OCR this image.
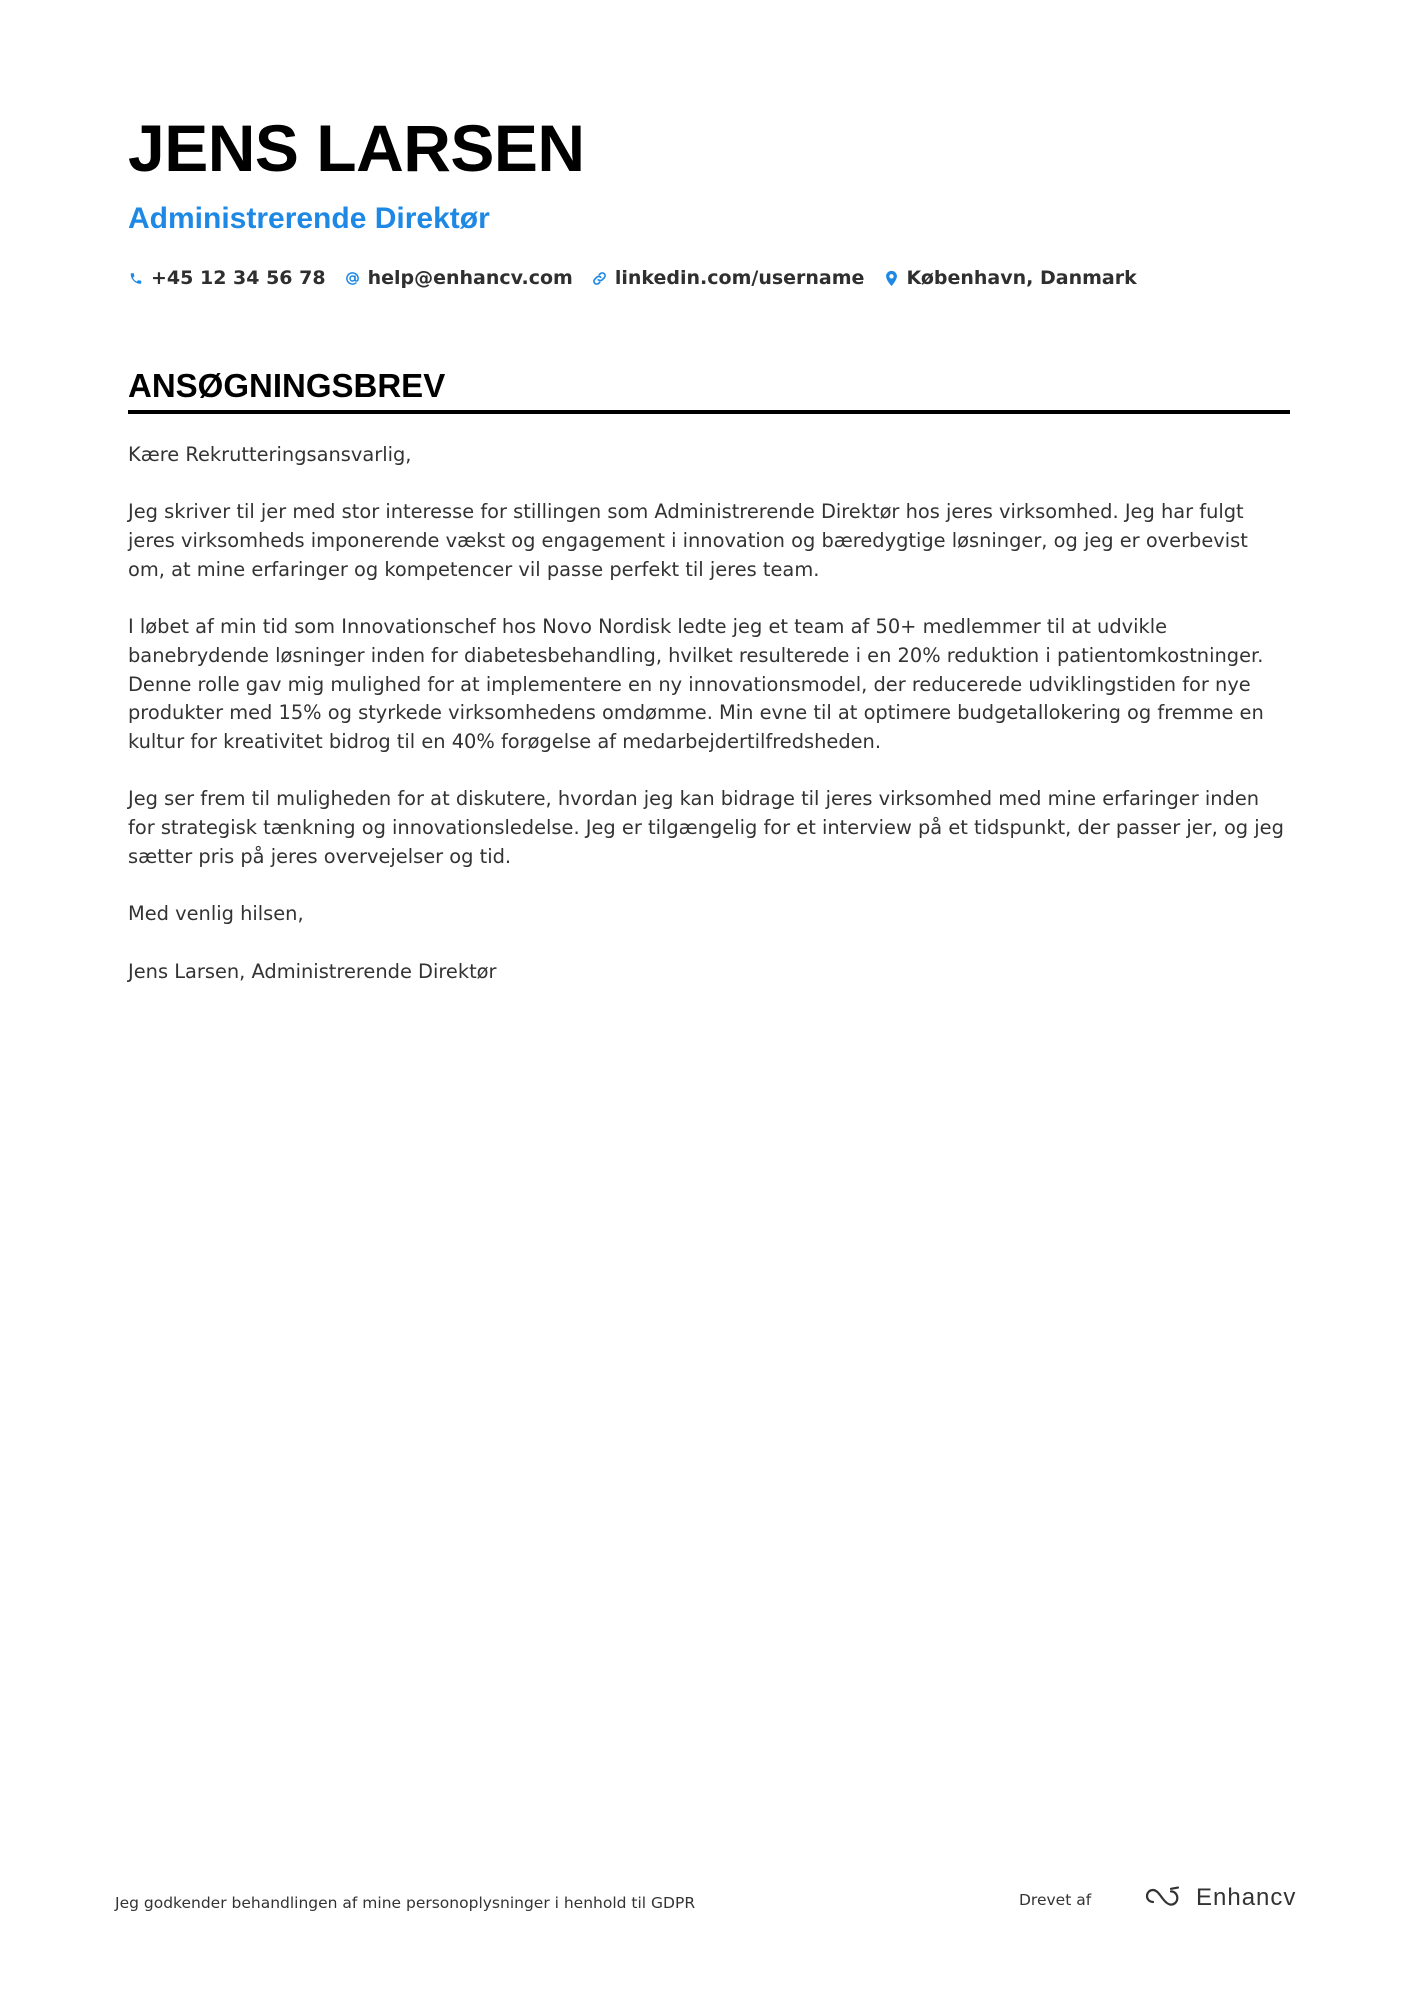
JENS LARSEN
Administrerende Direktør
+45 12 34 56 78 help@enhancv.com linkedin.com/username København, Danmark
ANSØGNINGSBREV

Kære Rekrutteringsansvarlig,

Jeg skriver til jer med stor interesse for stillingen som Administrerende Direktør hos jeres virksomhed. Jeg har fulgt jeres virksomheds imponerende vækst og engagement i innovation og bæredygtige løsninger, og jeg er overbevist om, at mine erfaringer og kompetencer vil passe perfekt til jeres team.

I løbet af min tid som Innovationschef hos Novo Nordisk ledte jeg et team af 50+ medlemmer til at udvikle banebrydende løsninger inden for diabetesbehandling, hvilket resulterede i en 20% reduktion i patientomkostninger. Denne rolle gav mig mulighed for at implementere en ny innovationsmodel, der reducerede udviklingstiden for nye produkter med 15% og styrkede virksomhedens omdømme. Min evne til at optimere budgetallokering og fremme en kultur for kreativitet bidrog til en 40% forøgelse af medarbejdertilfredsheden.

Jeg ser frem til muligheden for at diskutere, hvordan jeg kan bidrage til jeres virksomhed med mine erfaringer inden for strategisk tænkning og innovationsledelse. Jeg er tilgængelig for et interview på et tidspunkt, der passer jer, og jeg sætter pris på jeres overvejelser og tid.

Med venlig hilsen,

Jens Larsen, Administrerende Direktør

Jeg godkender behandlingen af mine personoplysninger i henhold til GDPR	Drevet af	Enhancv
